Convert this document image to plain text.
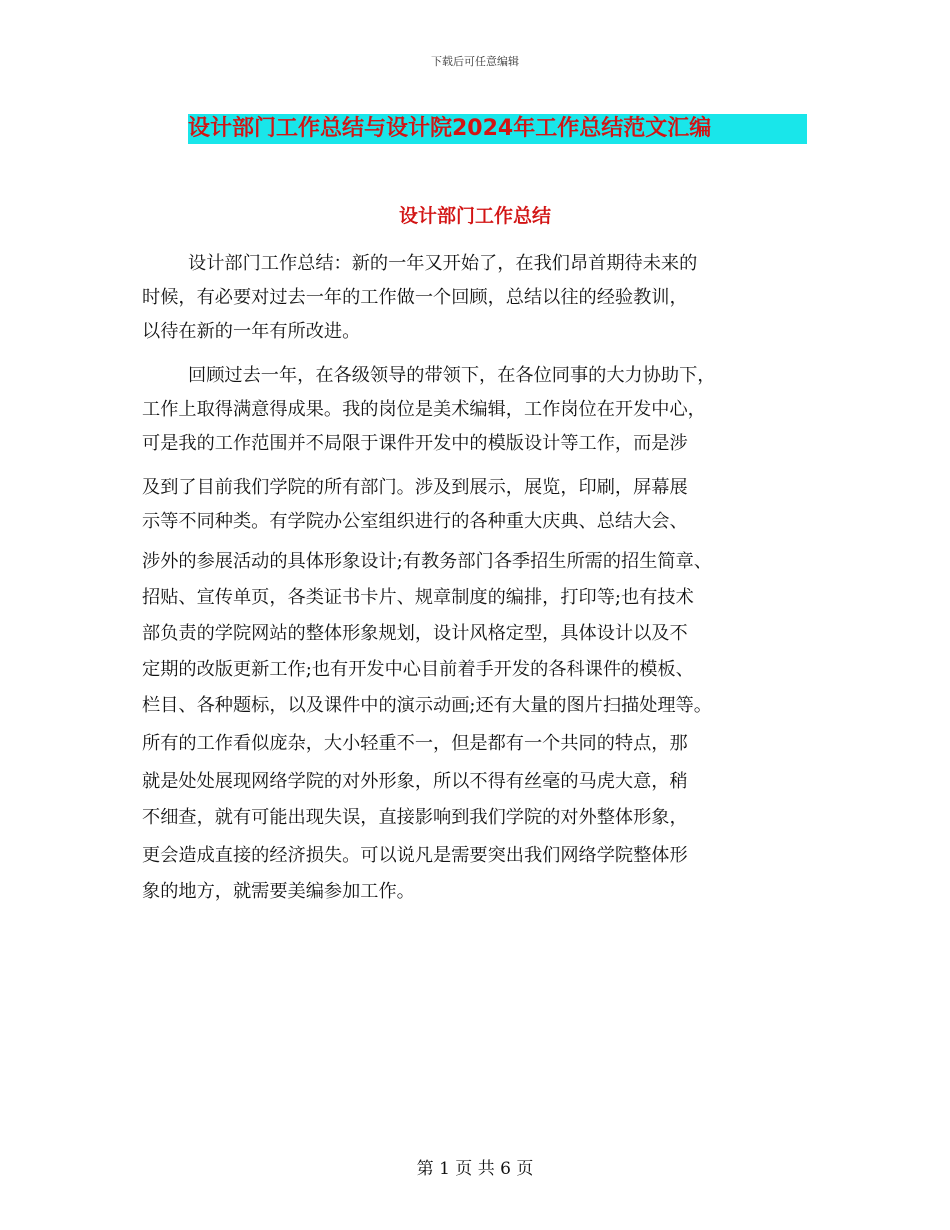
下载后可任意编辑
设计部门工作总结与设计院2024年工作总结范文汇编
设计部门工作总结
设计部门工作总结：新的一年又开始了，在我们昂首期待未来的
时候，有必要对过去一年的工作做一个回顾，总结以往的经验教训，
以待在新的一年有所改进。
回顾过去一年，在各级领导的带领下，在各位同事的大力协助下，
工作上取得满意得成果。我的岗位是美术编辑，工作岗位在开发中心，
可是我的工作范围并不局限于课件开发中的模版设计等工作，而是涉
及到了目前我们学院的所有部门。涉及到展示，展览，印刷，屏幕展
示等不同种类。有学院办公室组织进行的各种重大庆典、总结大会、
涉外的参展活动的具体形象设计;有教务部门各季招生所需的招生简章、
招贴、宣传单页，各类证书卡片、规章制度的编排，打印等;也有技术
部负责的学院网站的整体形象规划，设计风格定型，具体设计以及不
定期的改版更新工作;也有开发中心目前着手开发的各科课件的模板、
栏目、各种题标，以及课件中的演示动画;还有大量的图片扫描处理等。
所有的工作看似庞杂，大小轻重不一，但是都有一个共同的特点，那
就是处处展现网络学院的对外形象，所以不得有丝毫的马虎大意，稍
不细查，就有可能出现失误，直接影响到我们学院的对外整体形象，
更会造成直接的经济损失。可以说凡是需要突出我们网络学院整体形
象的地方，就需要美编参加工作。
第 1 页 共 6 页
